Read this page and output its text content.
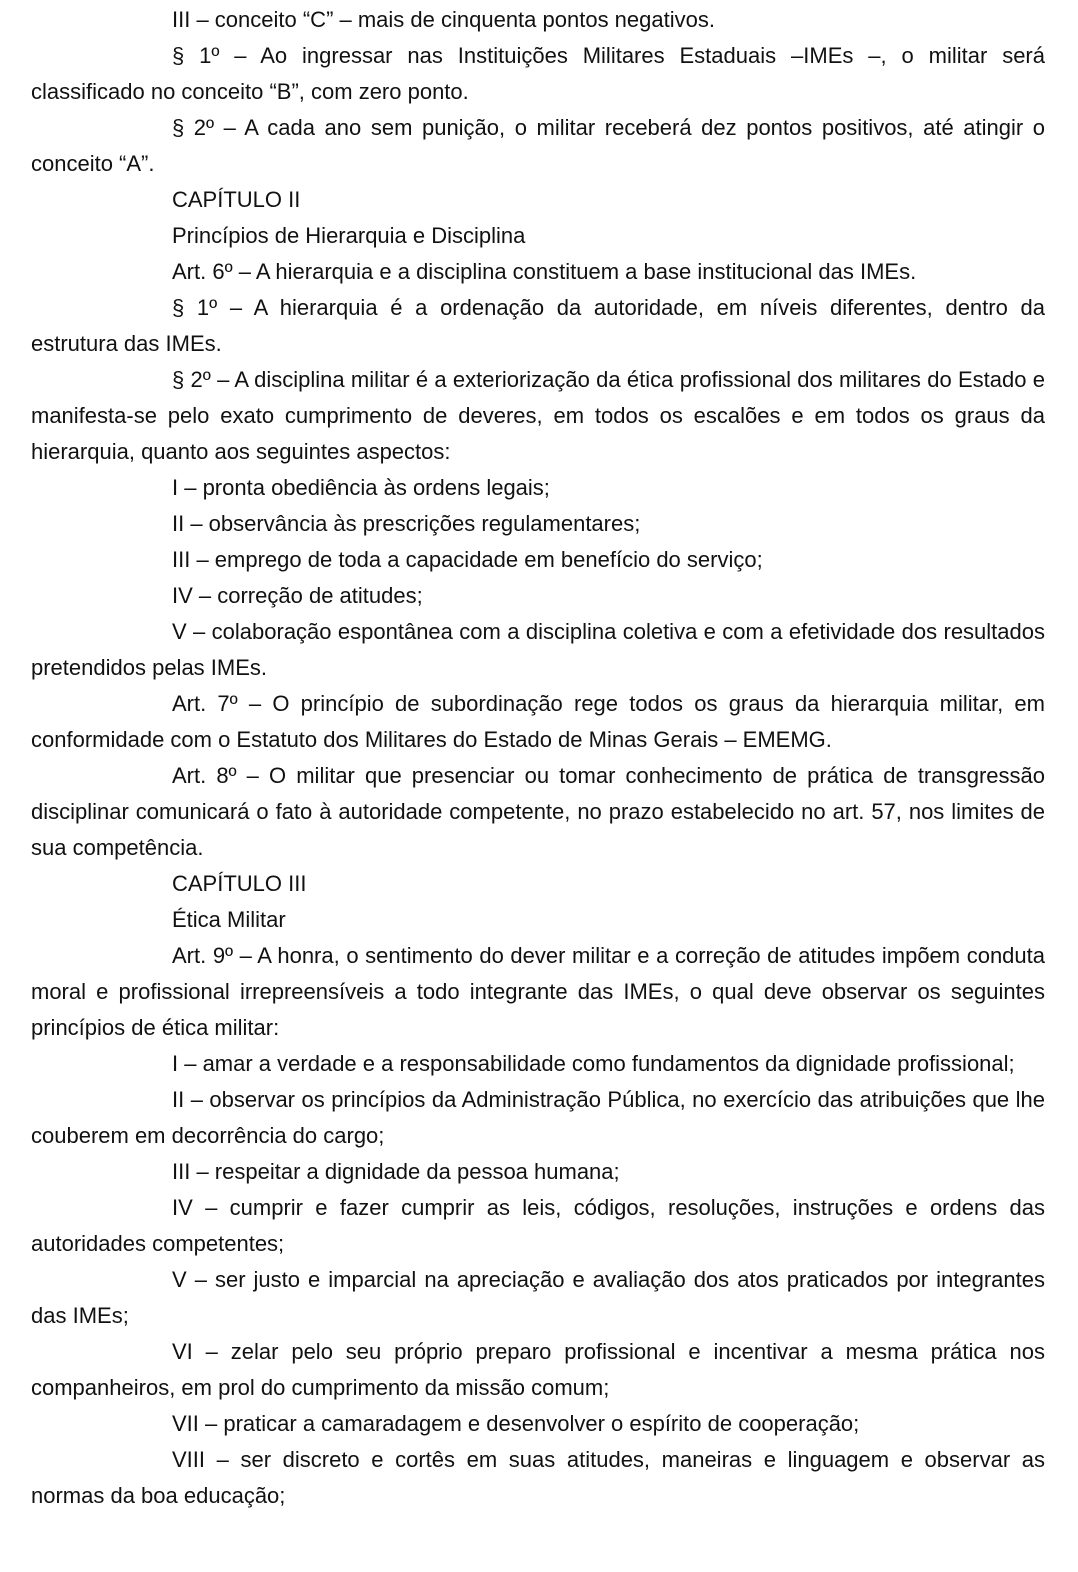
III – conceito “C” – mais de cinquenta pontos negativos.

§ 1º – Ao ingressar nas Instituições Militares Estaduais –IMEs –, o militar será classificado no conceito “B”, com zero ponto.

§ 2º – A cada ano sem punição, o militar receberá dez pontos positivos, até atingir o conceito “A”.

CAPÍTULO II

Princípios de Hierarquia e Disciplina

Art. 6º – A hierarquia e a disciplina constituem a base institucional das IMEs.

§ 1º – A hierarquia é a ordenação da autoridade, em níveis diferentes, dentro da estrutura das IMEs.

§ 2º – A disciplina militar é a exteriorização da ética profissional dos militares do Estado e manifesta-se pelo exato cumprimento de deveres, em todos os escalões e em todos os graus da hierarquia, quanto aos seguintes aspectos:

I – pronta obediência às ordens legais;

II – observância às prescrições regulamentares;

III – emprego de toda a capacidade em benefício do serviço;

IV – correção de atitudes;

V – colaboração espontânea com a disciplina coletiva e com a efetividade dos resultados pretendidos pelas IMEs.

Art. 7º – O princípio de subordinação rege todos os graus da hierarquia militar, em conformidade com o Estatuto dos Militares do Estado de Minas Gerais – EMEMG.

Art. 8º – O militar que presenciar ou tomar conhecimento de prática de transgressão disciplinar comunicará o fato à autoridade competente, no prazo estabelecido no art. 57, nos limites de sua competência.

CAPÍTULO III

Ética Militar

Art. 9º – A honra, o sentimento do dever militar e a correção de atitudes impõem conduta moral e profissional irrepreensíveis a todo integrante das IMEs, o qual deve observar os seguintes princípios de ética militar:

I – amar a verdade e a responsabilidade como fundamentos da dignidade profissional;

II – observar os princípios da Administração Pública, no exercício das atribuições que lhe couberem em decorrência do cargo;

III – respeitar a dignidade da pessoa humana;

IV – cumprir e fazer cumprir as leis, códigos, resoluções, instruções e ordens das autoridades competentes;

V – ser justo e imparcial na apreciação e avaliação dos atos praticados por integrantes das IMEs;

VI – zelar pelo seu próprio preparo profissional e incentivar a mesma prática nos companheiros, em prol do cumprimento da missão comum;

VII – praticar a camaradagem e desenvolver o espírito de cooperação;

VIII – ser discreto e cortês em suas atitudes, maneiras e linguagem e observar as normas da boa educação;
